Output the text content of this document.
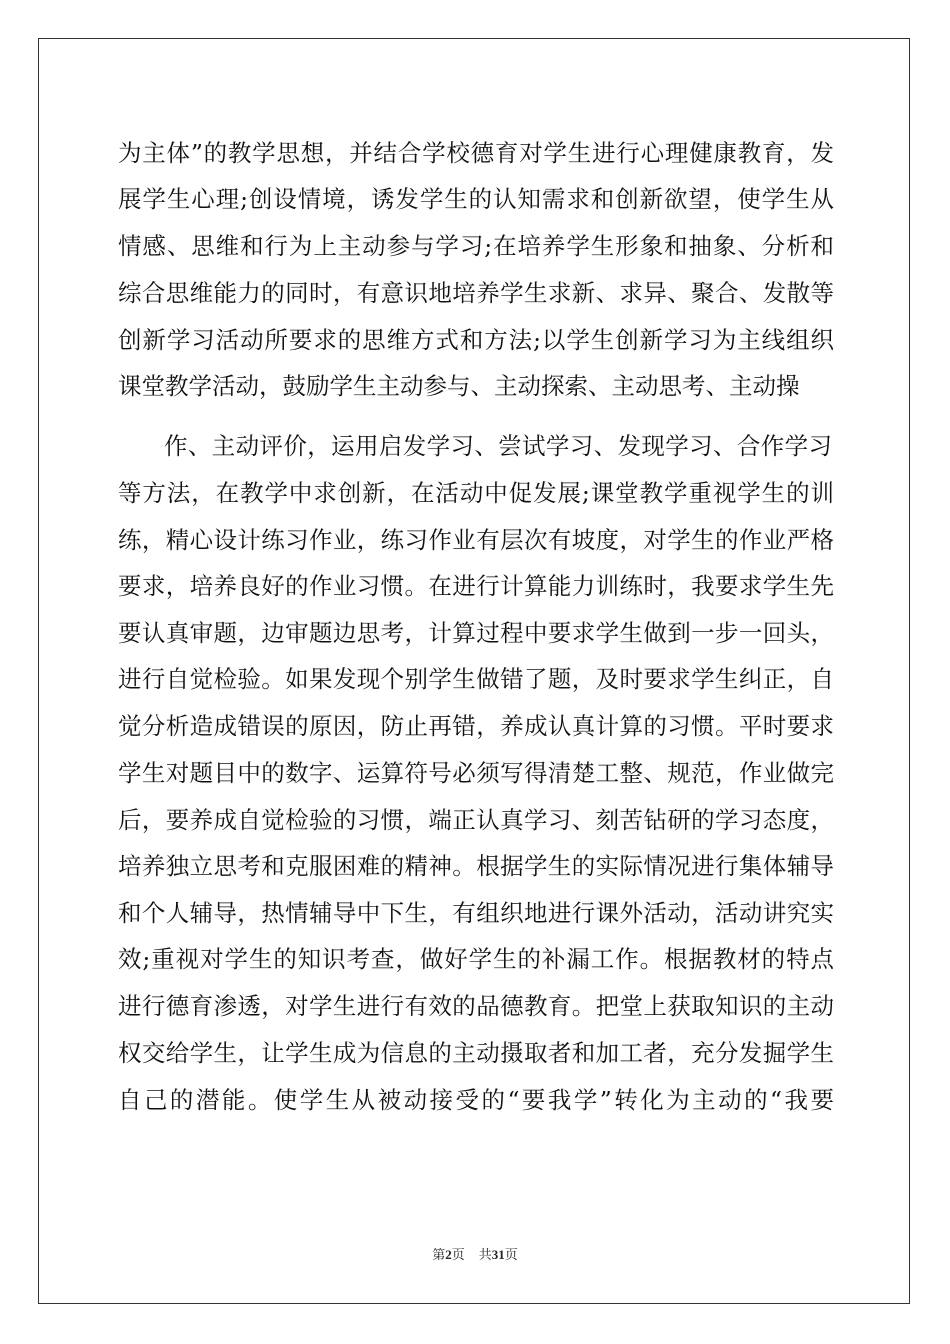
为主体”的教学思想，并结合学校德育对学生进行心理健康教育，发
展学生心理;创设情境，诱发学生的认知需求和创新欲望，使学生从
情感、思维和行为上主动参与学习;在培养学生形象和抽象、分析和
综合思维能力的同时，有意识地培养学生求新、求异、聚合、发散等
创新学习活动所要求的思维方式和方法;以学生创新学习为主线组织
课堂教学活动，鼓励学生主动参与、主动探索、主动思考、主动操
作、主动评价，运用启发学习、尝试学习、发现学习、合作学习
等方法，在教学中求创新，在活动中促发展;课堂教学重视学生的训
练，精心设计练习作业，练习作业有层次有坡度，对学生的作业严格
要求，培养良好的作业习惯。在进行计算能力训练时，我要求学生先
要认真审题，边审题边思考，计算过程中要求学生做到一步一回头，
进行自觉检验。如果发现个别学生做错了题，及时要求学生纠正，自
觉分析造成错误的原因，防止再错，养成认真计算的习惯。平时要求
学生对题目中的数字、运算符号必须写得清楚工整、规范，作业做完
后，要养成自觉检验的习惯，端正认真学习、刻苦钻研的学习态度，
培养独立思考和克服困难的精神。根据学生的实际情况进行集体辅导
和个人辅导，热情辅导中下生，有组织地进行课外活动，活动讲究实
效;重视对学生的知识考查，做好学生的补漏工作。根据教材的特点
进行德育渗透，对学生进行有效的品德教育。把堂上获取知识的主动
权交给学生，让学生成为信息的主动摄取者和加工者，充分发掘学生
自己的潜能。使学生从被动接受的“要我学”转化为主动的“我要
第2页 共31页
